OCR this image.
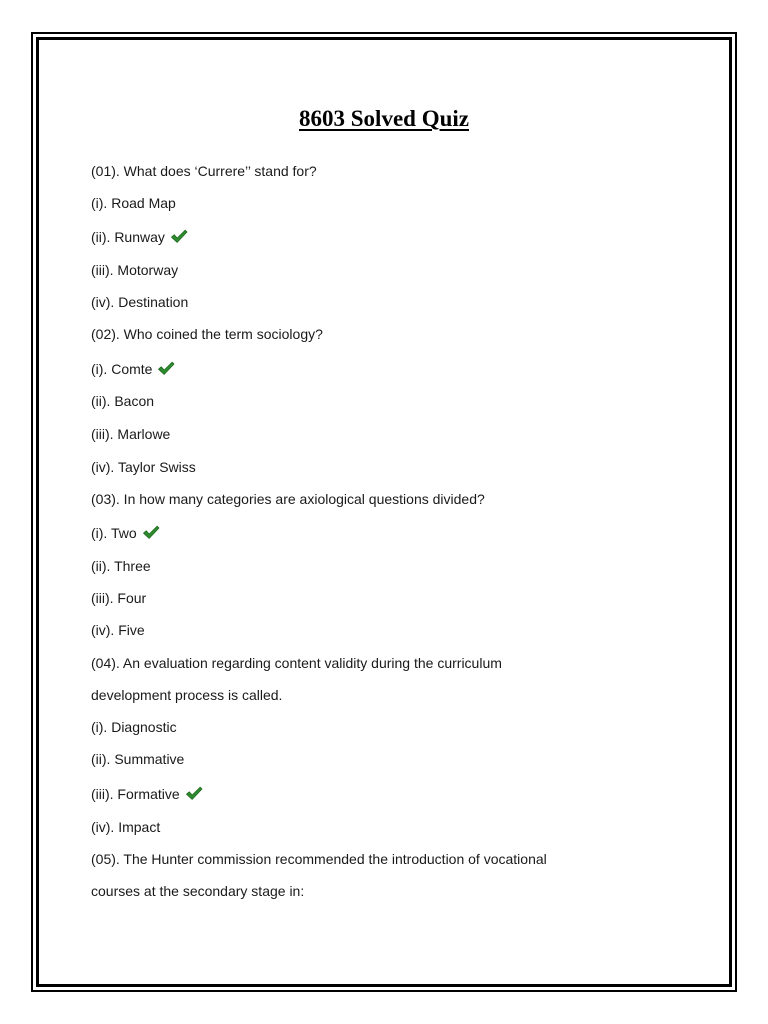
8603 Solved Quiz
(01). What does ‘Currere’’ stand for?
(i). Road Map
(ii). Runway
(iii). Motorway
(iv). Destination
(02). Who coined the term sociology?
(i). Comte
(ii). Bacon
(iii). Marlowe
(iv). Taylor Swiss
(03). In how many categories are axiological questions divided?
(i). Two
(ii). Three
(iii). Four
(iv). Five
(04). An evaluation regarding content validity during the curriculum
development process is called.
(i). Diagnostic
(ii). Summative
(iii). Formative
(iv). Impact
(05). The Hunter commission recommended the introduction of vocational
courses at the secondary stage in:
